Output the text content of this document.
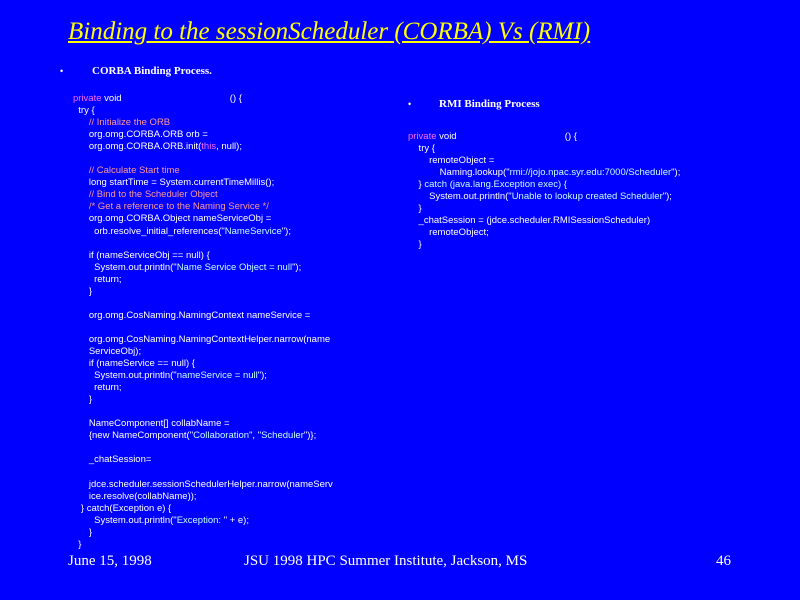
Binding to the sessionScheduler (CORBA) Vs (RMI)
•	CORBA Binding Process.
•	RMI Binding Process
private void                                         () {
try {
// Initialize the ORB
org.omg.CORBA.ORB orb =
org.omg.CORBA.ORB.init(this, null);
// Calculate Start time
long startTime = System.currentTimeMillis();
// Bind to the Scheduler Object
/* Get a reference to the Naming Service */
org.omg.CORBA.Object nameServiceObj =
orb.resolve_initial_references("NameService");
if (nameServiceObj == null) {
System.out.println("Name Service Object = null");
return;
}
org.omg.CosNaming.NamingContext nameService =
org.omg.CosNaming.NamingContextHelper.narrow(name
ServiceObj);
if (nameService == null) {
System.out.println("nameService = null");
return;
}
NameComponent[] collabName =
{new NameComponent("Collaboration", "Scheduler")};
_chatSession=
jdce.scheduler.sessionSchedulerHelper.narrow(nameServ
ice.resolve(collabName));
} catch(Exception e) {
System.out.println("Exception: " + e);
}
}
private void                                         () {
try {
remoteObject =
Naming.lookup("rmi://jojo.npac.syr.edu:7000/Scheduler");
} catch (java.lang.Exception exec) {
System.out.println("Unable to lookup created Scheduler");
}
_chatSession = (jdce.scheduler.RMISessionScheduler)
remoteObject;
}
June 15, 1998	JSU 1998 HPC Summer Institute, Jackson, MS	46
